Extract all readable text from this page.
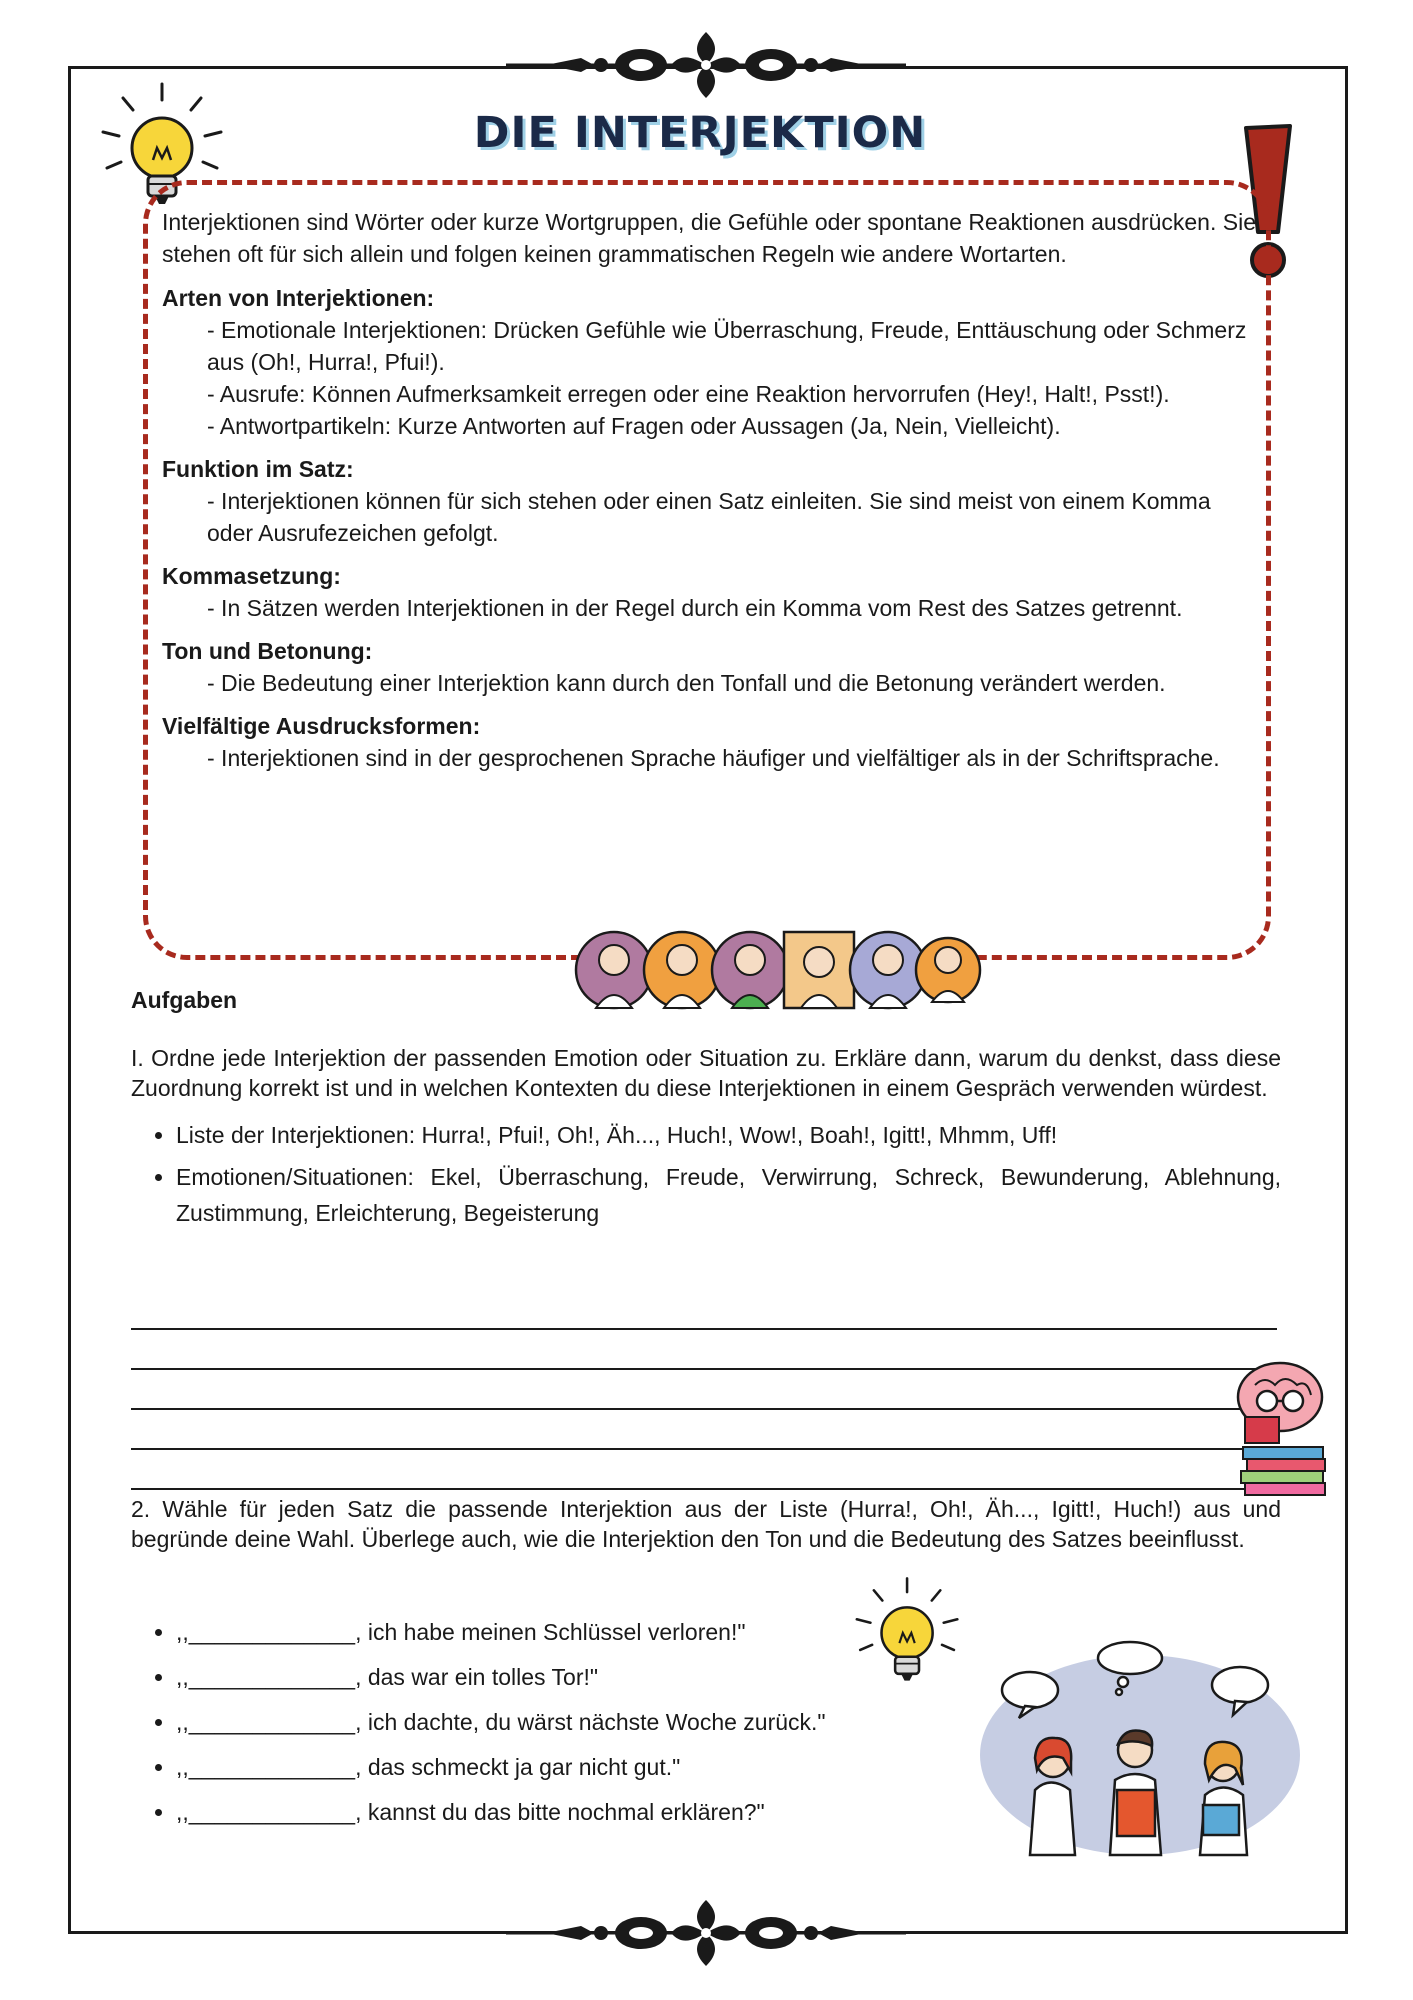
DIE INTERJEKTION

Interjektionen sind Wörter oder kurze Wortgruppen, die Gefühle oder spontane Reaktionen ausdrücken. Sie stehen oft für sich allein und folgen keinen grammatischen Regeln wie andere Wortarten.

Arten von Interjektionen:
- Emotionale Interjektionen: Drücken Gefühle wie Überraschung, Freude, Enttäuschung oder Schmerz aus (Oh!, Hurra!, Pfui!).
- Ausrufe: Können Aufmerksamkeit erregen oder eine Reaktion hervorrufen (Hey!, Halt!, Psst!).
- Antwortpartikeln: Kurze Antworten auf Fragen oder Aussagen (Ja, Nein, Vielleicht).
Funktion im Satz:
- Interjektionen können für sich stehen oder einen Satz einleiten. Sie sind meist von einem Komma oder Ausrufezeichen gefolgt.
Kommasetzung:
- In Sätzen werden Interjektionen in der Regel durch ein Komma vom Rest des Satzes getrennt.
Ton und Betonung:
- Die Bedeutung einer Interjektion kann durch den Tonfall und die Betonung verändert werden.
Vielfältige Ausdrucksformen:
- Interjektionen sind in der gesprochenen Sprache häufiger und vielfältiger als in der Schriftsprache.
Aufgaben

I. Ordne jede Interjektion der passenden Emotion oder Situation zu. Erkläre dann, warum du denkst, dass diese Zuordnung korrekt ist und in welchen Kontexten du diese Interjektionen in einem Gespräch verwenden würdest.

• Liste der Interjektionen: Hurra!, Pfui!, Oh!, Äh..., Huch!, Wow!, Boah!, Igitt!, Mhmm, Uff!
• Emotionen/Situationen: Ekel, Überraschung, Freude, Verwirrung, Schreck, Bewunderung, Ablehnung, Zustimmung, Erleichterung, Begeisterung

2. Wähle für jeden Satz die passende Interjektion aus der Liste (Hurra!, Oh!, Äh..., Igitt!, Huch!) aus und begründe deine Wahl. Überlege auch, wie die Interjektion den Ton und die Bedeutung des Satzes beeinflusst.

• ,,_____________, ich habe meinen Schlüssel verloren!"
• ,,_____________, das war ein tolles Tor!"
• ,,_____________, ich dachte, du wärst nächste Woche zurück."
• ,,_____________, das schmeckt ja gar nicht gut."
• ,,_____________, kannst du das bitte nochmal erklären?"
